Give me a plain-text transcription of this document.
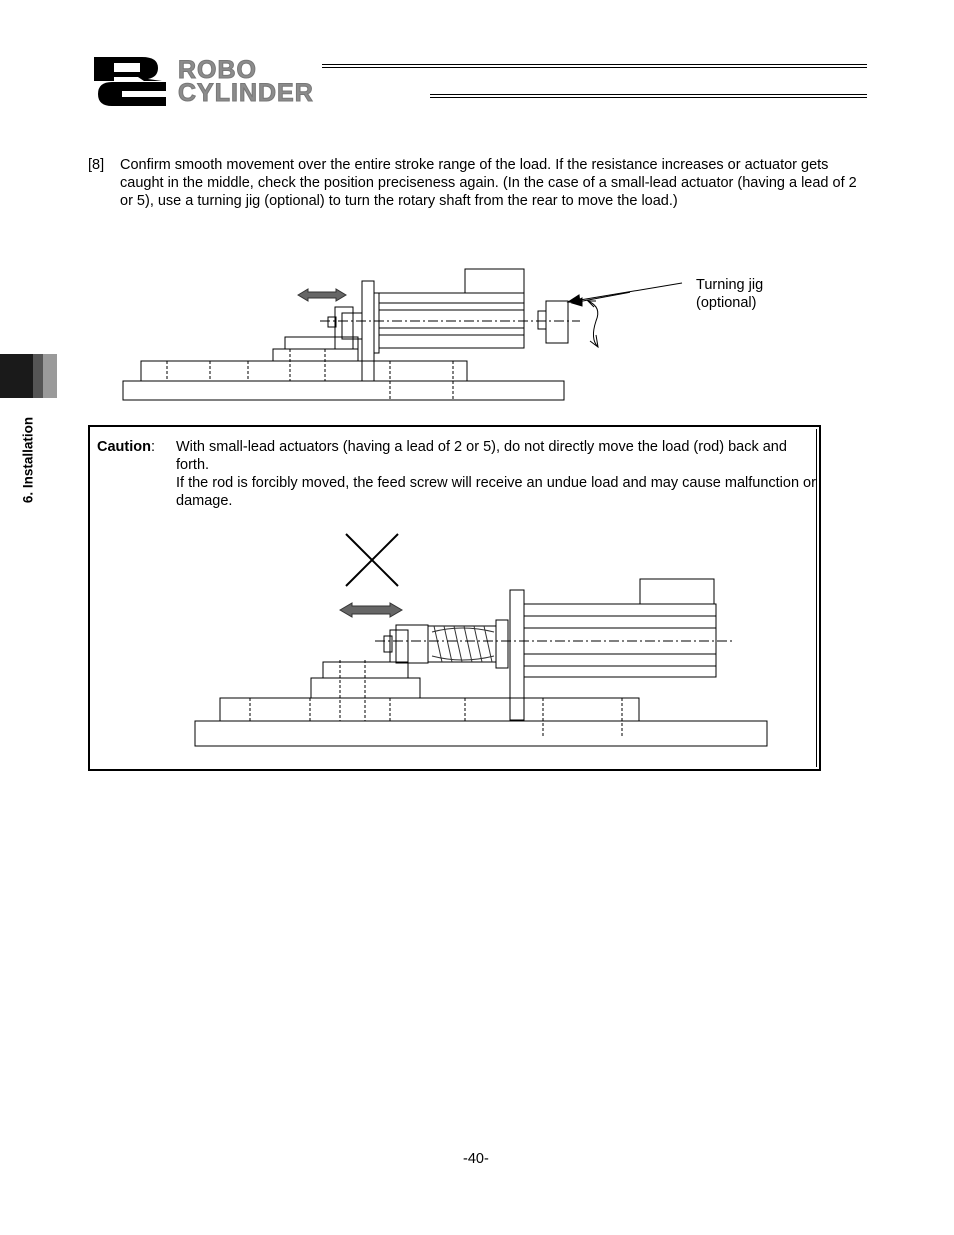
ROBO
CYLINDER
6. Installation
[8] Confirm smooth movement over the entire stroke range of the load. If the resistance increases or actuator gets caught in the middle, check the position preciseness again. (In the case of a small-lead actuator (having a lead of 2 or 5), use a turning jig (optional) to turn the rotary shaft from the rear to move the load.)
Turning jig
(optional)
Caution: With small-lead actuators (having a lead of 2 or 5), do not directly move the load (rod) back and forth.
If the rod is forcibly moved, the feed screw will receive an undue load and may cause malfunction or damage.
-40-
